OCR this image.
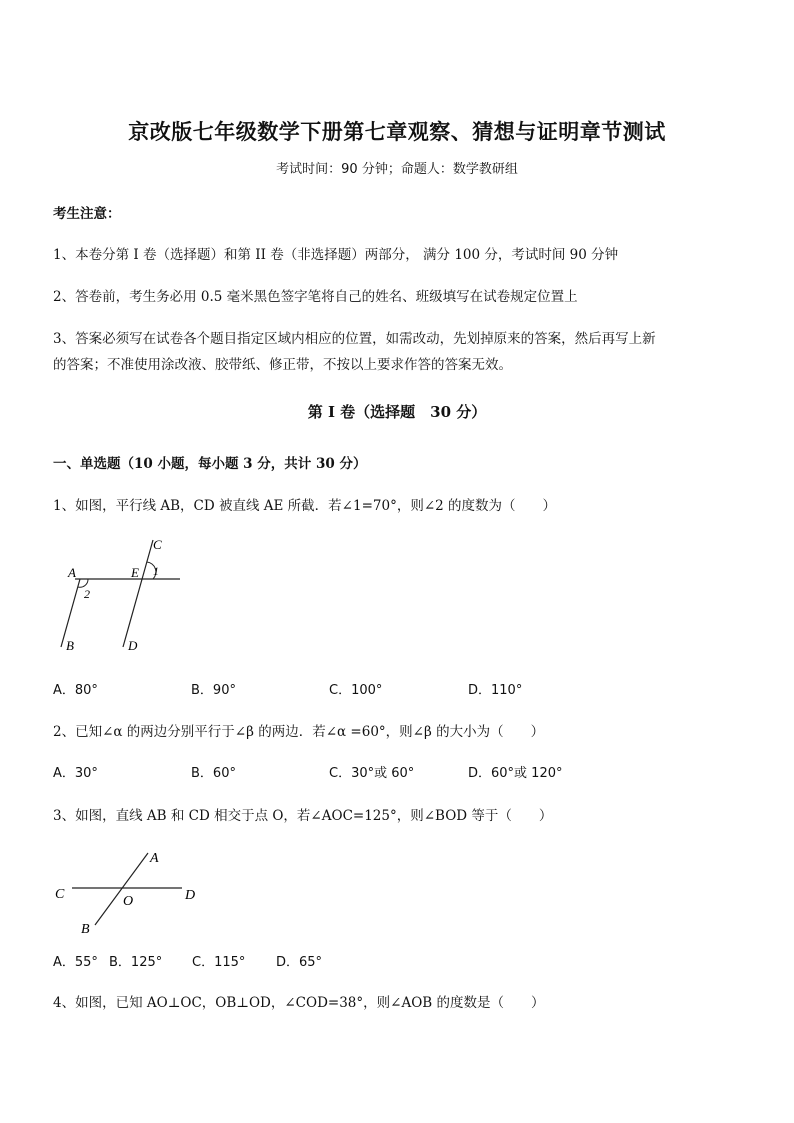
京改版七年级数学下册第七章观察、猜想与证明章节测试
考试时间：90 分钟；命题人：数学教研组
考生注意：
1、本卷分第 I 卷（选择题）和第 II 卷（非选择题）两部分， 满分 100 分，考试时间 90 分钟
2、答卷前，考生务必用 0.5 毫米黑色签字笔将自己的姓名、班级填写在试卷规定位置上
3、答案必须写在试卷各个题目指定区域内相应的位置，如需改动，先划掉原来的答案，然后再写上新
的答案；不准使用涂改液、胶带纸、修正带，不按以上要求作答的答案无效。
第 I 卷（选择题　30 分）
一、单选题（10 小题，每小题 3 分，共计 30 分）
1、如图，平行线 AB，CD 被直线 AE 所截．若∠1=70°，则∠2 的度数为（　　）
A	E
C
1
2
B	D
A．80°	B．90°	C．100°	D．110°
2、已知∠α 的两边分别平行于∠β 的两边．若∠α =60°，则∠β 的大小为（　　）
A．30°	B．60°	C．30°或 60°	D．60°或 120°
3、如图，直线 AB 和 CD 相交于点 O，若∠AOC=125°，则∠BOD 等于（　　）
A
C	O	D
B
A．55° B．125° C．115° D．65°
4、如图，已知 AO⊥OC，OB⊥OD，∠COD=38°，则∠AOB 的度数是（　　）
